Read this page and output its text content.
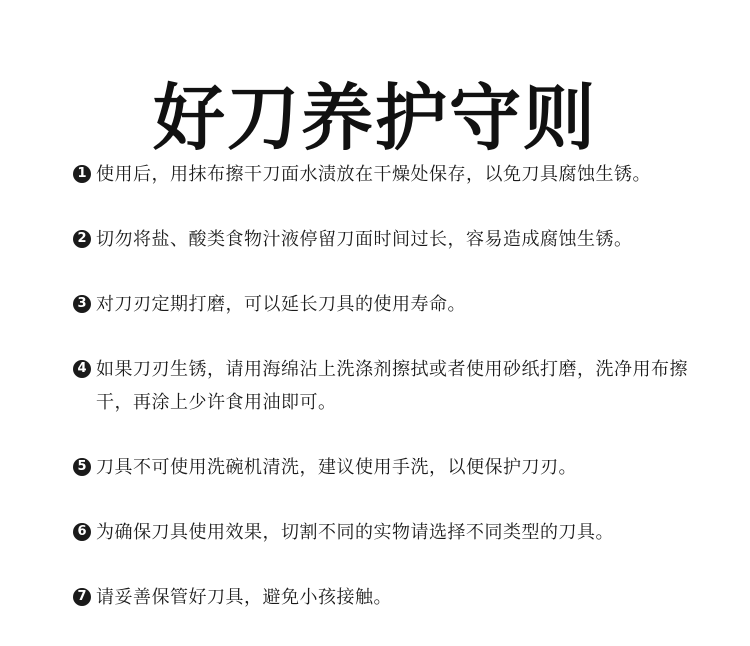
好刀养护守则
1 使用后，用抹布擦干刀面水渍放在干燥处保存，以免刀具腐蚀生锈。
2 切勿将盐、酸类食物汁液停留刀面时间过长，容易造成腐蚀生锈。
3 对刀刃定期打磨，可以延长刀具的使用寿命。
4 如果刀刃生锈，请用海绵沾上洗涤剂擦拭或者使用砂纸打磨，洗净用布擦干，再涂上少许食用油即可。
5 刀具不可使用洗碗机清洗，建议使用手洗，以便保护刀刃。
6 为确保刀具使用效果，切割不同的实物请选择不同类型的刀具。
7 请妥善保管好刀具，避免小孩接触。
